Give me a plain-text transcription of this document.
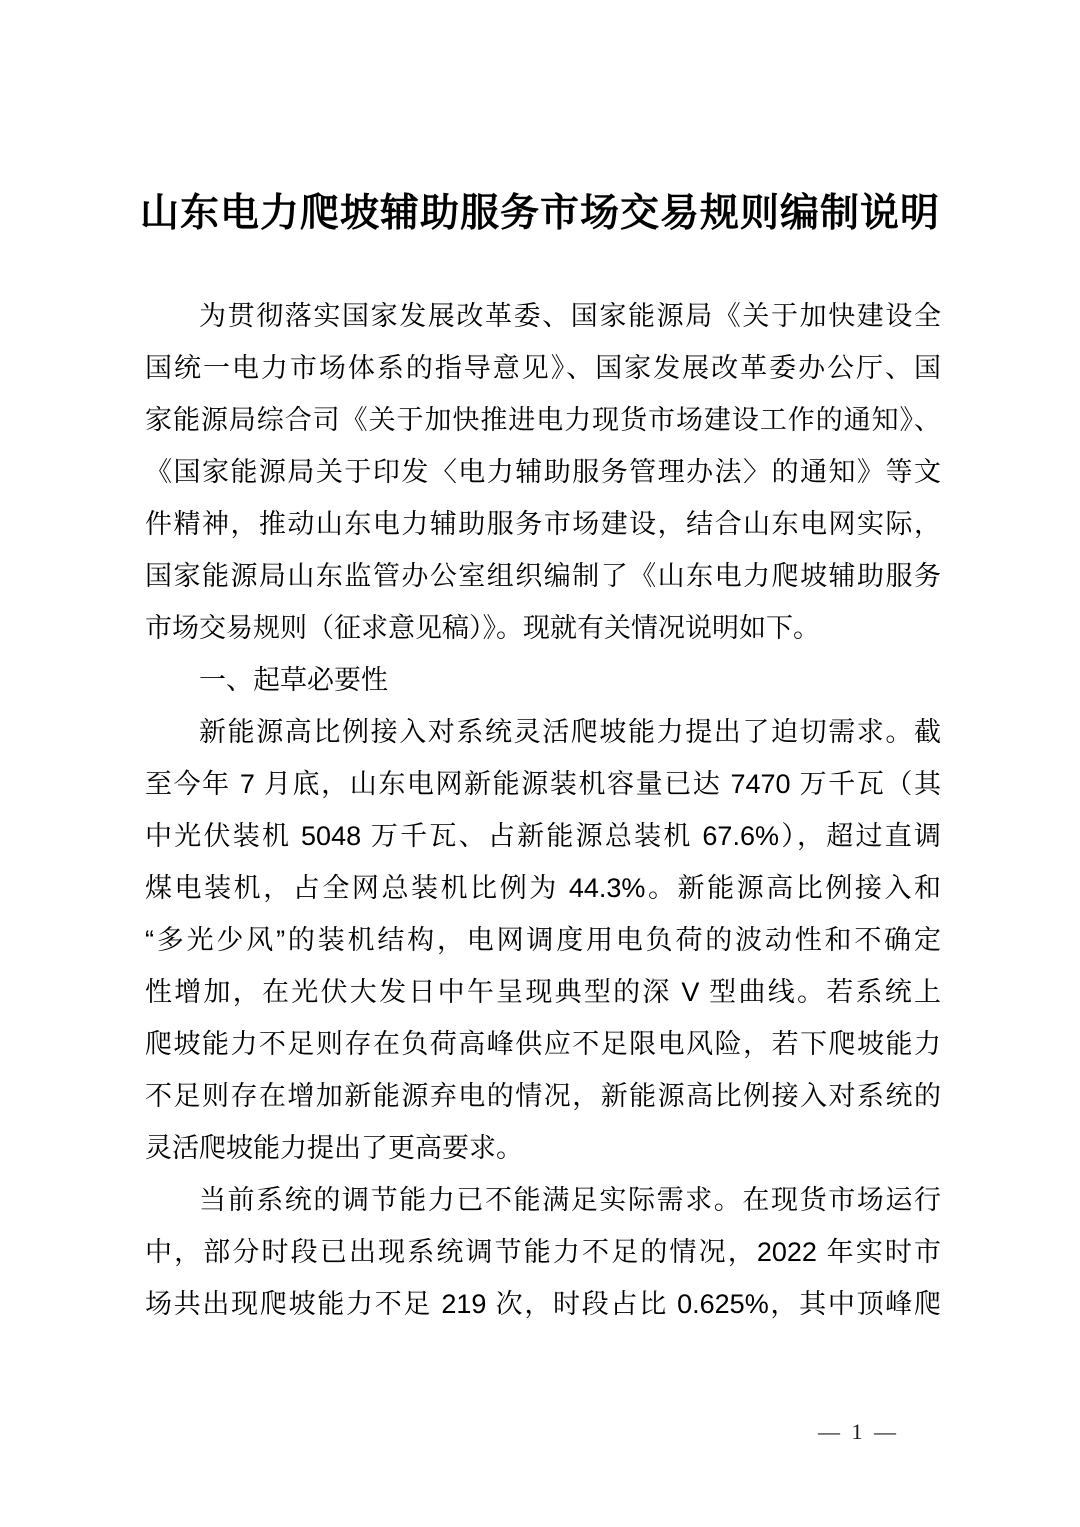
山东电力爬坡辅助服务市场交易规则编制说明
为贯彻落实国家发展改革委、国家能源局《关于加快建设全
国统一电力市场体系的指导意见》、国家发展改革委办公厅、国
家能源局综合司《关于加快推进电力现货市场建设工作的通知》、
《国家能源局关于印发〈电力辅助服务管理办法〉的通知》等文
件精神，推动山东电力辅助服务市场建设，结合山东电网实际，
国家能源局山东监管办公室组织编制了《山东电力爬坡辅助服务
市场交易规则（征求意见稿）》。现就有关情况说明如下。
一、起草必要性
新能源高比例接入对系统灵活爬坡能力提出了迫切需求。截
至今年 7 月底，山东电网新能源装机容量已达 7470 万千瓦（其
中光伏装机 5048 万千瓦、占新能源总装机 67.6%），超过直调
煤电装机，占全网总装机比例为 44.3%。新能源高比例接入和
“多光少风”的装机结构，电网调度用电负荷的波动性和不确定
性增加，在光伏大发日中午呈现典型的深 V 型曲线。若系统上
爬坡能力不足则存在负荷高峰供应不足限电风险，若下爬坡能力
不足则存在增加新能源弃电的情况，新能源高比例接入对系统的
灵活爬坡能力提出了更高要求。
当前系统的调节能力已不能满足实际需求。在现货市场运行
中，部分时段已出现系统调节能力不足的情况，2022 年实时市
场共出现爬坡能力不足 219 次，时段占比 0.625%，其中顶峰爬
— 1 —
